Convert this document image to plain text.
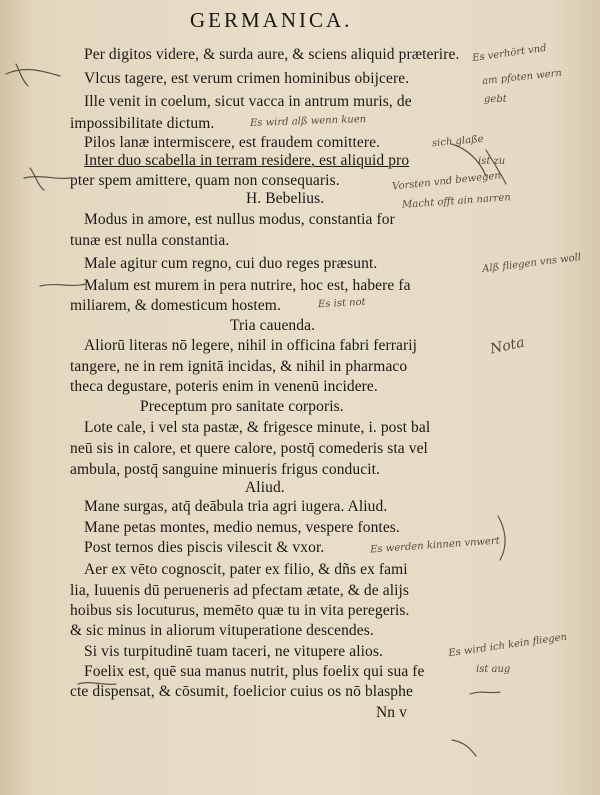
GERMANICA.
Per digitos videre, & surda aure, & sciens aliquid præterire.
Vlcus tagere, est verum crimen hominibus obijcere.
Ille venit in coelum, sicut vacca in antrum muris, de
impossibilitate dictum.
Pilos lanæ intermiscere, est fraudem comittere.
Inter duo scabella in terram residere, est aliquid pro
pter spem amittere, quam non consequaris.
H. Bebelius.
Modus in amore, est nullus modus, constantia for
tunæ est nulla constantia.
Male agitur cum regno, cui duo reges præsunt.
Malum est murem in pera nutrire, hoc est, habere fa
miliarem, & domesticum hostem.
Tria cauenda.
Aliorū literas nō legere, nihil in officina fabri ferrarij
tangere, ne in rem ignitā incidas, & nihil in pharmaco
theca degustare, poteris enim in venenū incidere.
Preceptum pro sanitate corporis.
Lote cale, i vel sta pastæ, & frigesce minute, i. post bal
neū sis in calore, et quere calore, postq̄ comederis sta vel
ambula, postq̄ sanguine minueris frigus conducit.
Aliud.
Mane surgas, atq̄ deābula tria agri iugera. Aliud.
Mane petas montes, medio nemus, vespere fontes.
Post ternos dies piscis vilescit & vxor.
Aer ex vēto cognoscit, pater ex filio, & dñs ex fami
lia, Iuuenis dū perueneris ad pfectam ætate, & de alijs
hoibus sis locuturus, memēto quæ tu in vita peregeris.
& sic minus in aliorum vituperatione descendes.
Si vis turpitudinē tuam taceri, ne vitupere alios.
Foelix est, quē sua manus nutrit, plus foelix qui sua fe
cte dispensat, & cōsumit, foelicior cuius os nō blasphe
Nn v
Es verhört vnd
am pfoten wern
gebt
Es wird alß wenn kuen
sich glaße
ist zu
Vorsten vnd bewegen
Macht offt ain narren
Alß fliegen vns woll
Es ist not
Nota
Es werden kinnen vnwert
Es wird ich kein fliegen
ist aug
